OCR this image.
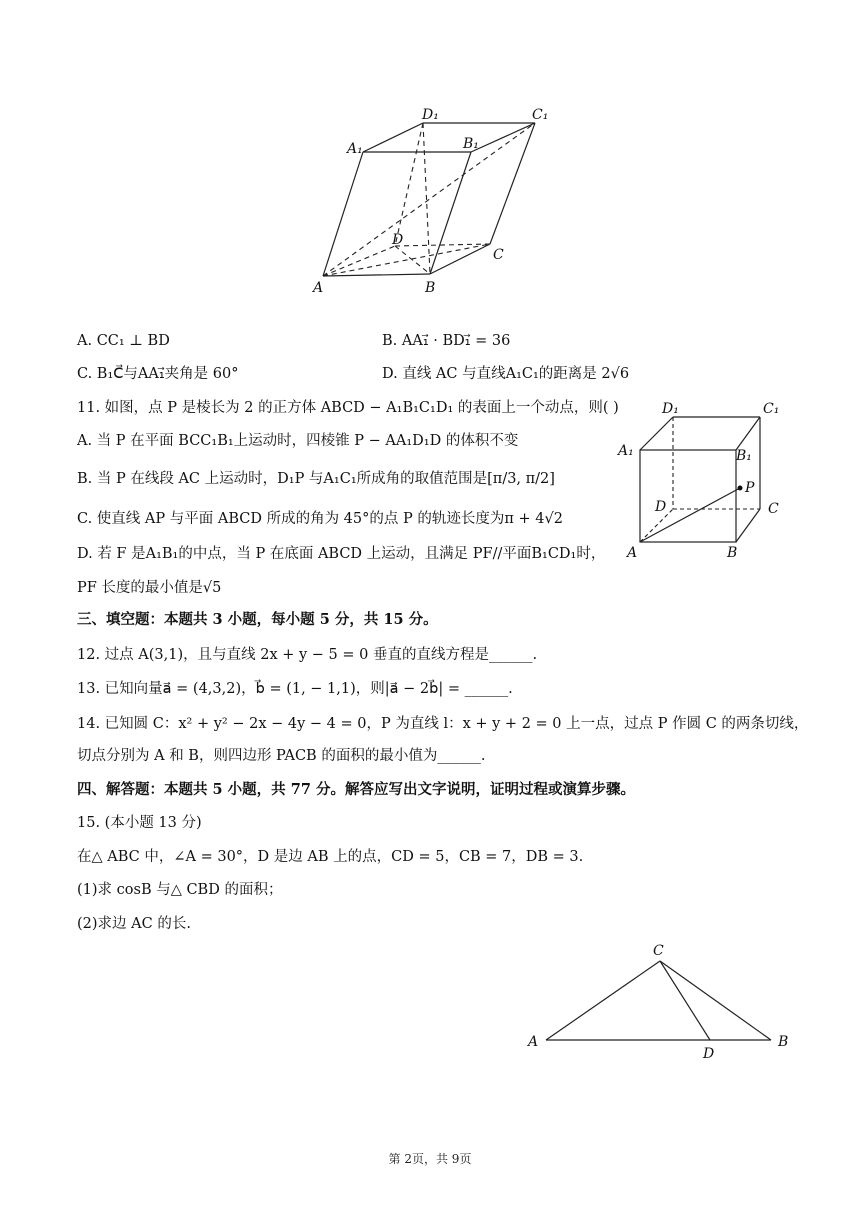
A	B
C
D
A₁	B₁
C₁
D₁
A. CC₁ ⊥ BD	B. AA₁⃗ · BD₁⃗ = 36
C. B₁C⃗与AA₁⃗夹角是 60°	D. 直线 AC 与直线A₁C₁的距离是 2√6
11. 如图，点 P 是棱长为 2 的正方体 ABCD − A₁B₁C₁D₁ 的表面上一个动点，则( )
A. 当 P 在平面 BCC₁B₁上运动时，四棱锥 P − AA₁D₁D 的体积不变
B. 当 P 在线段 AC 上运动时，D₁P 与A₁C₁所成角的取值范围是[π/3, π/2]
C. 使直线 AP 与平面 ABCD 所成的角为 45°的点 P 的轨迹长度为π + 4√2
D. 若 F 是A₁B₁的中点，当 P 在底面 ABCD 上运动，且满足 PF//平面B₁CD₁时，
PF 长度的最小值是√5
A	B
C
D
A₁	B₁
C₁
D₁
P
三、填空题：本题共 3 小题，每小题 5 分，共 15 分。
12. 过点 A(3,1)，且与直线 2x + y − 5 = 0 垂直的直线方程是______.
13. 已知向量a⃗ = (4,3,2)，b⃗ = (1, − 1,1)，则|a⃗ − 2b⃗| = ______.
14. 已知圆 C：x² + y² − 2x − 4y − 4 = 0，P 为直线 l：x + y + 2 = 0 上一点，过点 P 作圆 C 的两条切线，
切点分别为 A 和 B，则四边形 PACB 的面积的最小值为______.
四、解答题：本题共 5 小题，共 77 分。解答应写出文字说明，证明过程或演算步骤。
15. (本小题 13 分)
在△ ABC 中，∠A = 30°，D 是边 AB 上的点，CD = 5，CB = 7，DB = 3.
(1)求 cosB 与△ CBD 的面积；
(2)求边 AC 的长.
A	B
C
D
第 2页，共 9页
